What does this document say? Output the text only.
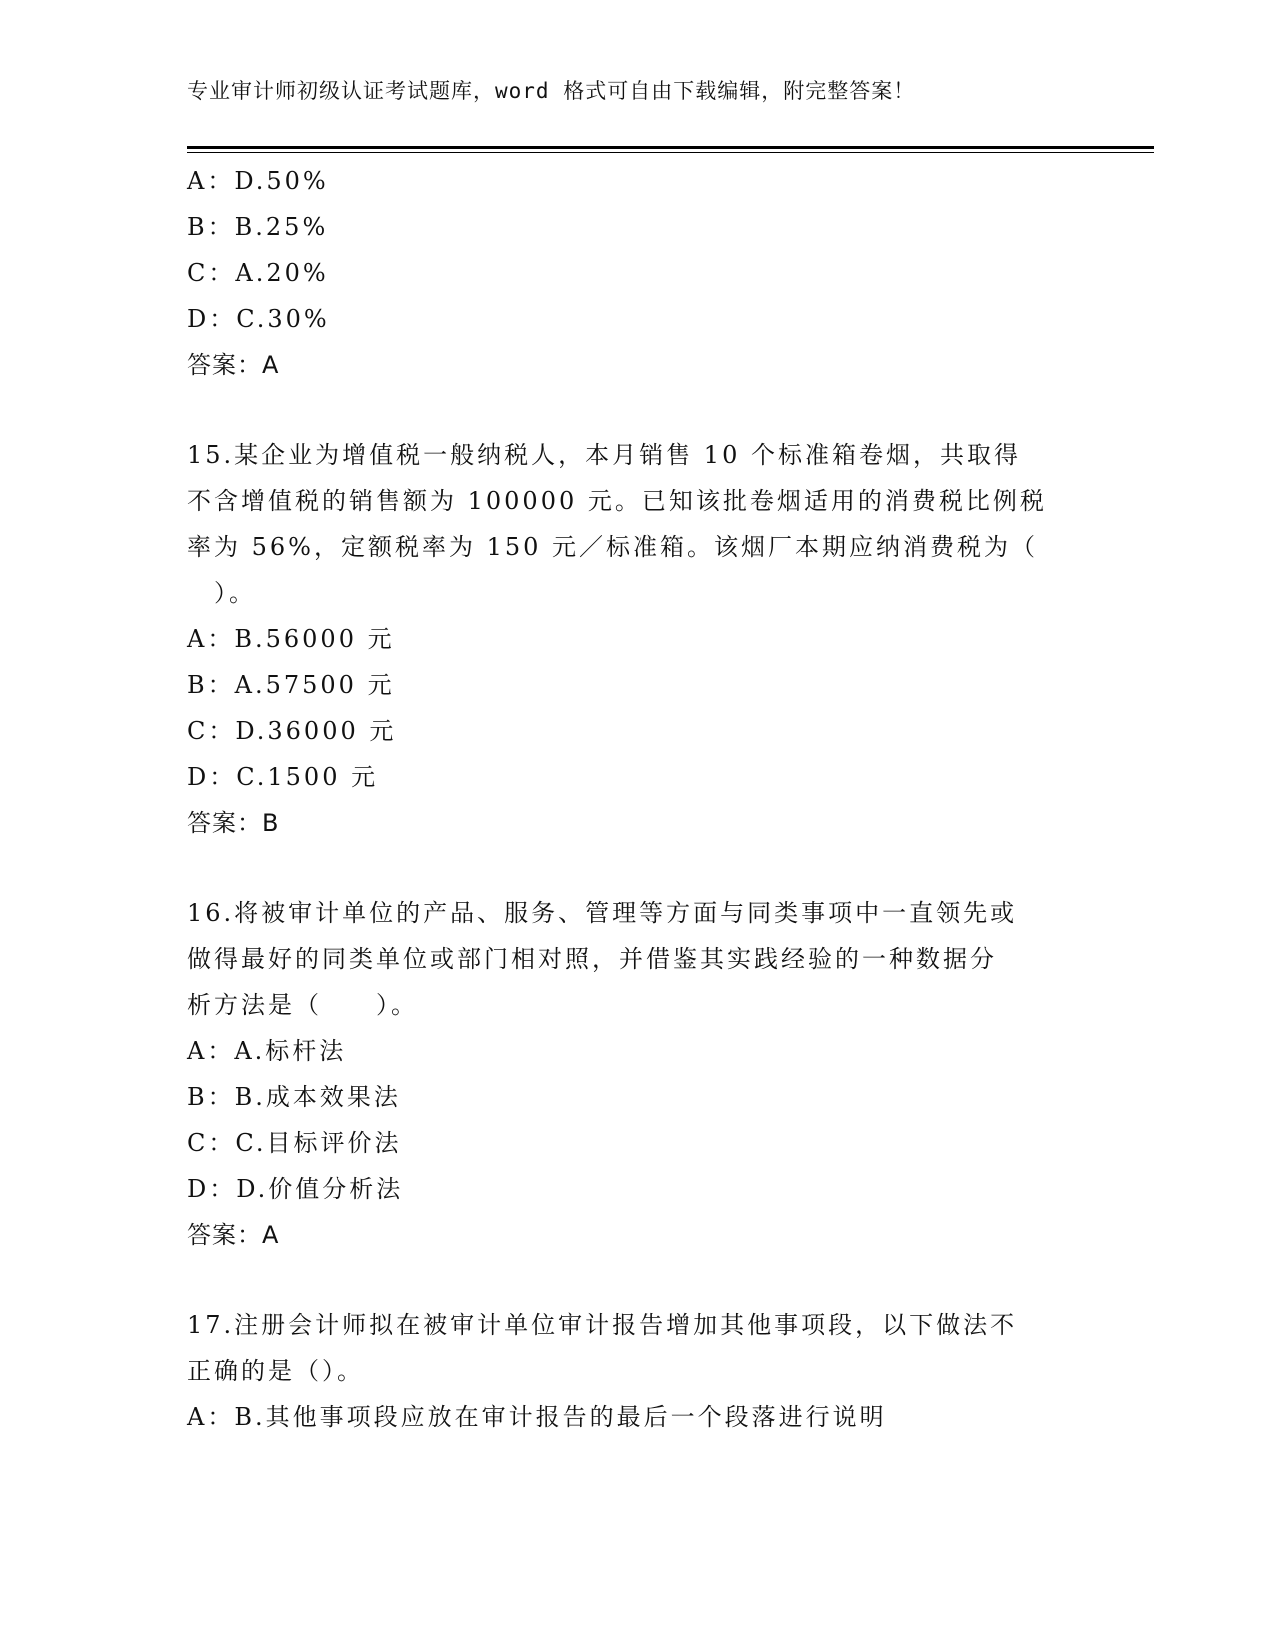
专业审计师初级认证考试题库，word 格式可自由下载编辑，附完整答案！
A：D.50%
B：B.25%
C：A.20%
D：C.30%
答案：A
15.某企业为增值税一般纳税人，本月销售 10 个标准箱卷烟，共取得
不含增值税的销售额为 100000 元。已知该批卷烟适用的消费税比例税
率为 56%，定额税率为 150 元／标准箱。该烟厂本期应纳消费税为（
　）。
A：B.56000 元
B：A.57500 元
C：D.36000 元
D：C.1500 元
答案：B
16.将被审计单位的产品、服务、管理等方面与同类事项中一直领先或
做得最好的同类单位或部门相对照，并借鉴其实践经验的一种数据分
析方法是（　　）。
A：A.标杆法
B：B.成本效果法
C：C.目标评价法
D：D.价值分析法
答案：A
17.注册会计师拟在被审计单位审计报告增加其他事项段，以下做法不
正确的是（）。
A：B.其他事项段应放在审计报告的最后一个段落进行说明
